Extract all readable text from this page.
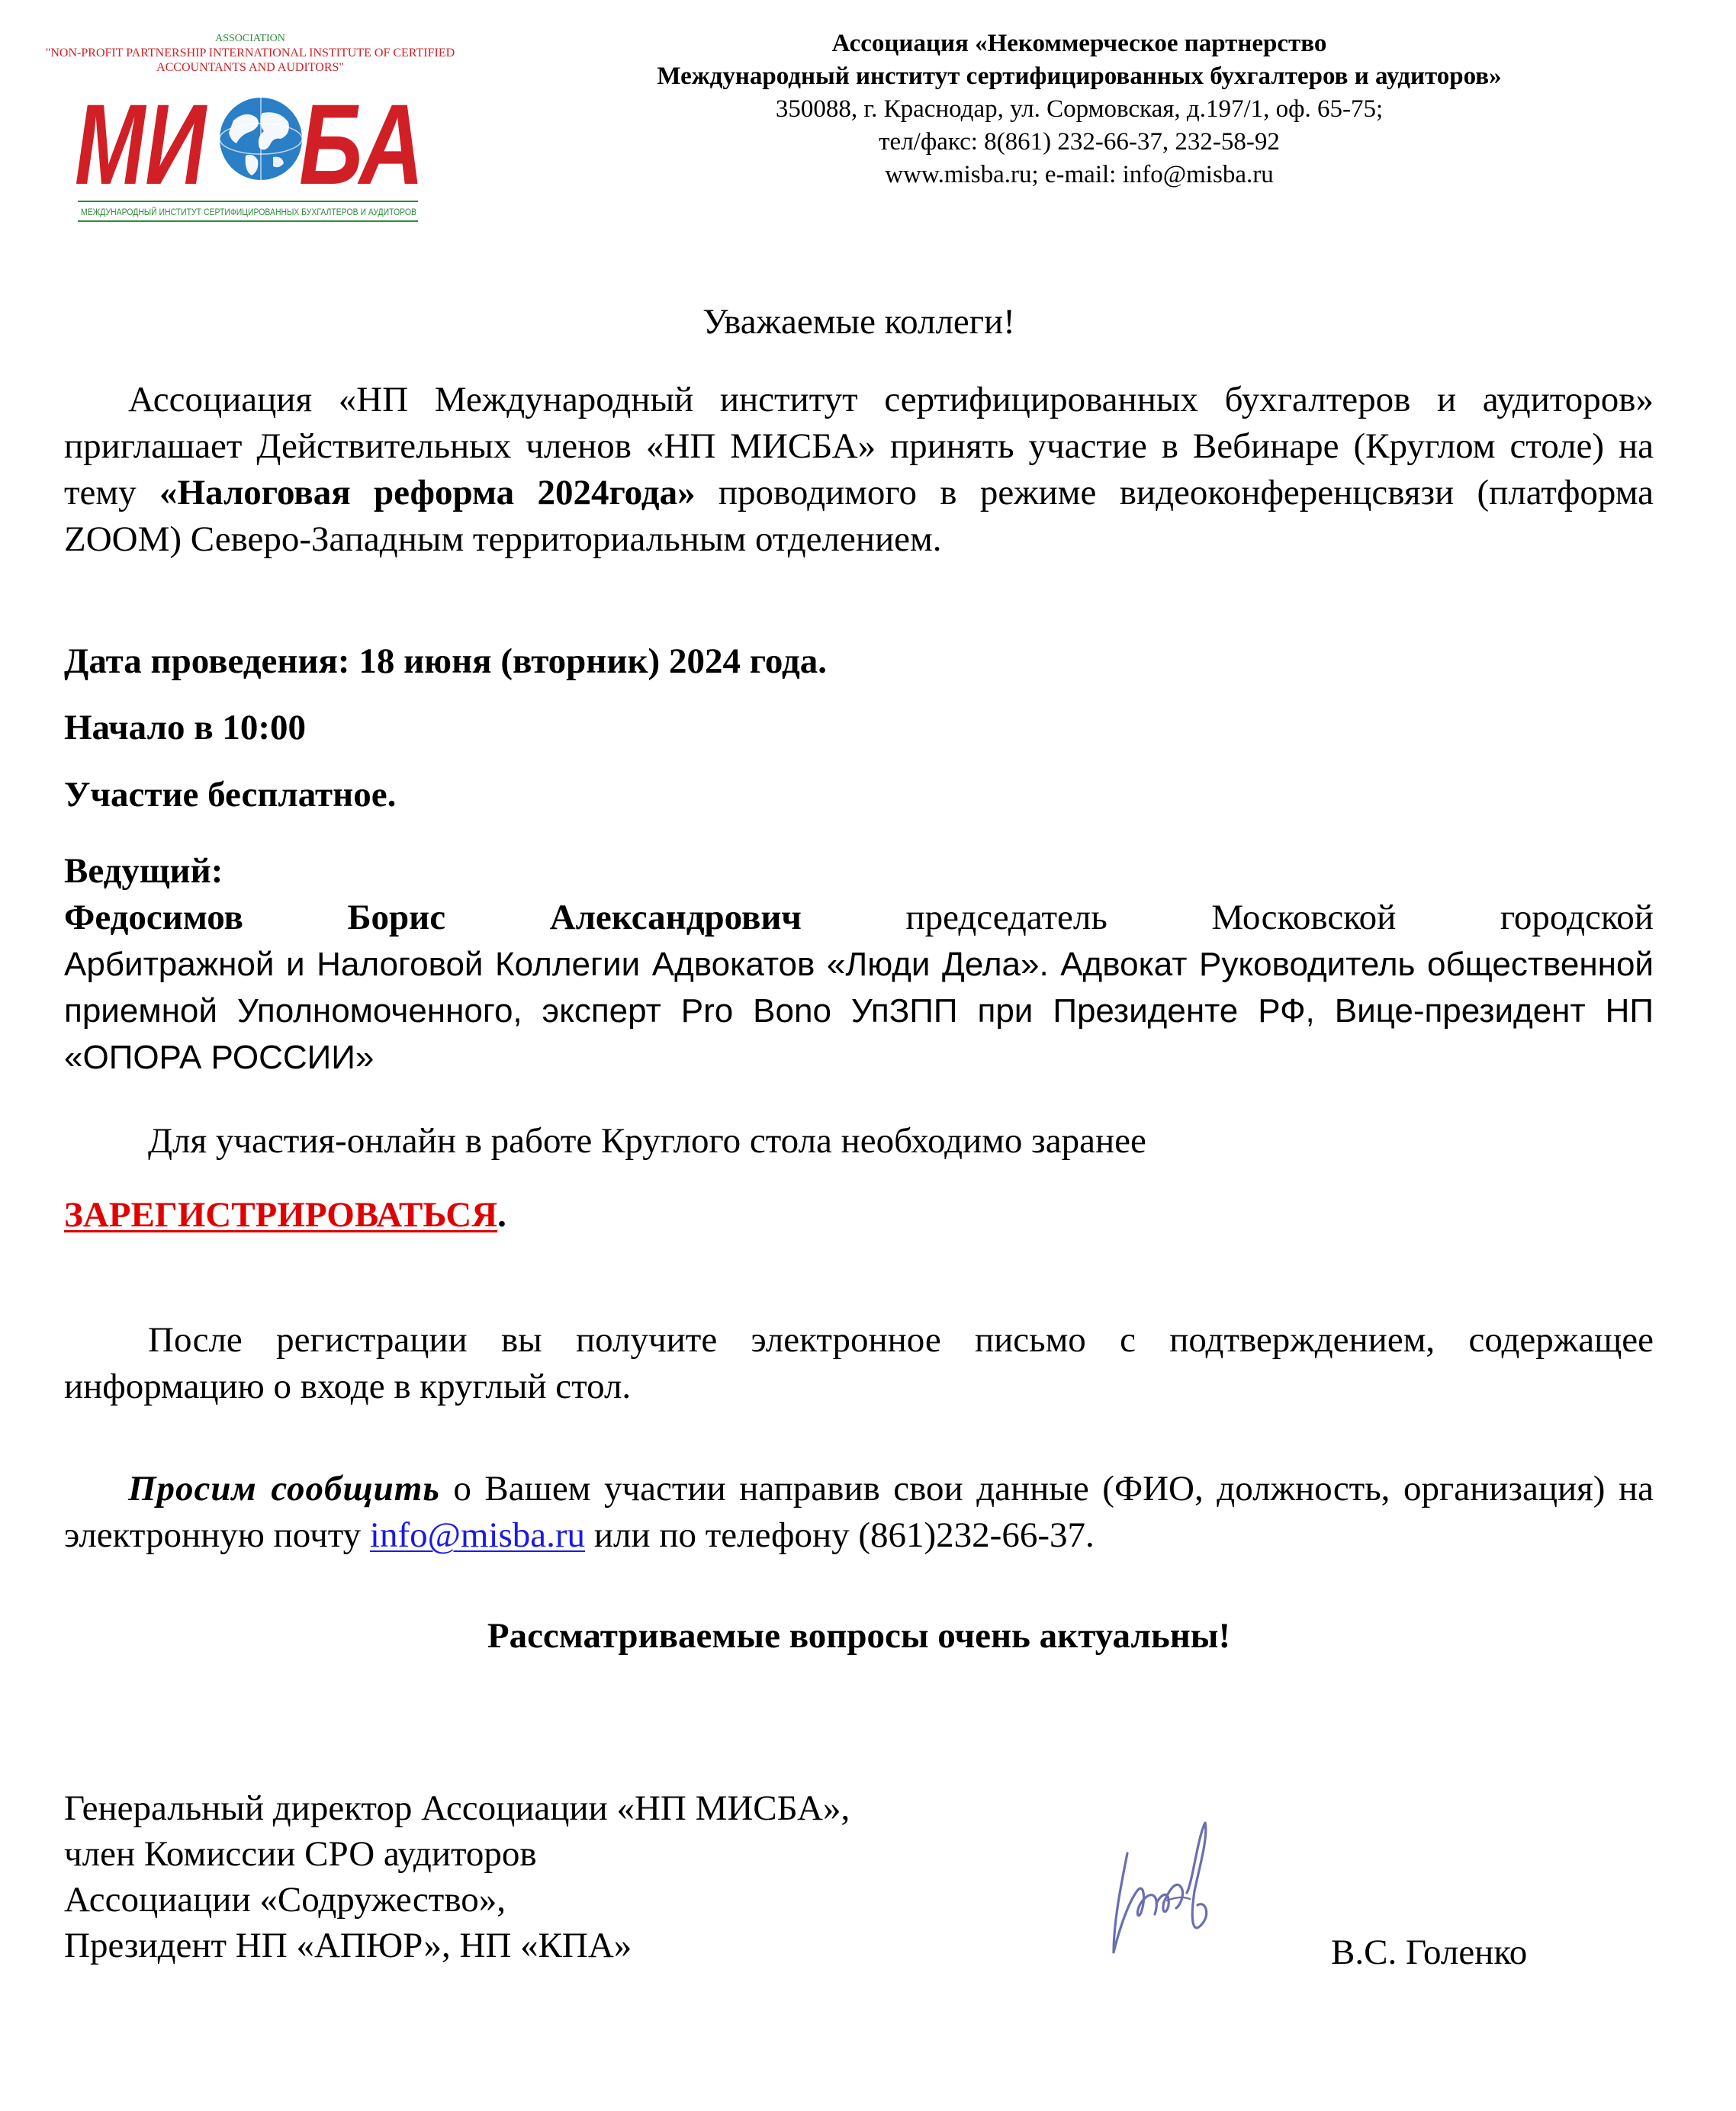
ASSOCIATION
"NON-PROFIT PARTNERSHIP INTERNATIONAL INSTITUTE OF CERTIFIED
ACCOUNTANTS AND AUDITORS"
МИ БА
МЕЖДУНАРОДНЫЙ ИНСТИТУТ СЕРТИФИЦИРОВАННЫХ БУХГАЛТЕРОВ И АУДИТОРОВ
Ассоциация «Некоммерческое партнерство
Международный институт сертифицированных бухгалтеров и аудиторов»
350088, г. Краснодар, ул. Сормовская, д.197/1, оф. 65-75;
тел/факс: 8(861) 232-66-37, 232-58-92
www.misba.ru; e-mail: info@misba.ru
Уважаемые коллеги!
Ассоциация «НП Международный институт сертифицированных бухгалтеров и аудиторов» приглашает Действительных членов «НП МИСБА» принять участие в Вебинаре (Круглом столе) на тему «Налоговая реформа 2024года» проводимого в режиме видеоконференцсвязи (платформа ZOOM) Северо-Западным территориальным отделением.
Дата проведения: 18 июня (вторник) 2024 года.
Начало в 10:00
Участие бесплатное.
Ведущий:
Федосимов	Борис	Александрович	председатель	Московской	городской
Арбитражной и Налоговой Коллегии Адвокатов «Люди Дела». Адвокат Руководитель общественной приемной Уполномоченного, эксперт Pro Bono УпЗПП при Президенте РФ, Вице-президент НП «ОПОРА РОССИИ»
Для участия-онлайн в работе Круглого стола необходимо заранее
ЗАРЕГИСТРИРОВАТЬСЯ.
После регистрации вы получите электронное письмо с подтверждением, содержащее информацию о входе в круглый стол.
Просим сообщить о Вашем участии направив свои данные (ФИО, должность, организация) на электронную почту info@misba.ru или по телефону (861)232-66-37.
Рассматриваемые вопросы очень актуальны!
Генеральный директор Ассоциации «НП МИСБА»,
член Комиссии СРО аудиторов
Ассоциации «Содружество»,
Президент НП «АПЮР», НП «КПА»	В.С. Голенко
